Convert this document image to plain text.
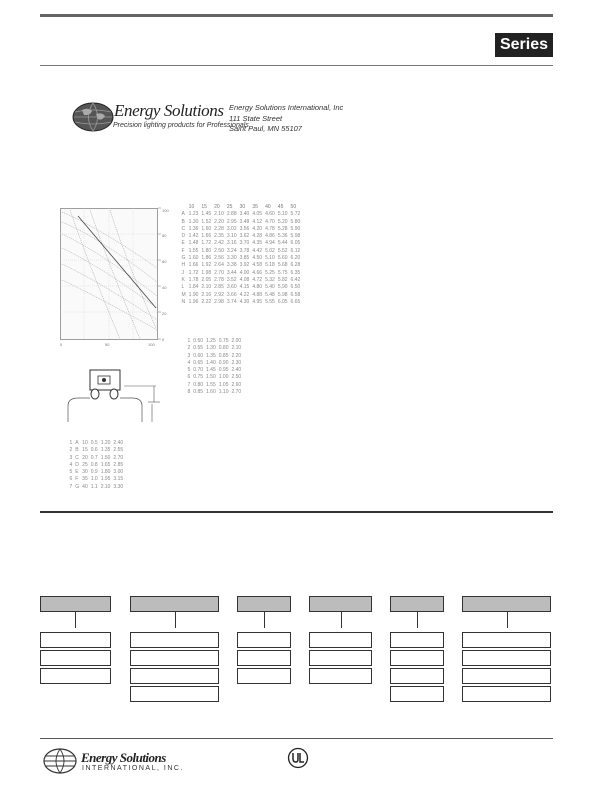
Series
Energy Solutions
Precision lighting products for Professionals
Energy Solutions International, Inc
111 State Street
Saint Paul, MN 55107
100
80
60
40
20
0
0	50	100
	10	15	20	25	30	35	40	45	50
A	1.23	1.45	2.10	2.88	3.40	4.05	4.60	5.10	5.72
B	1.30	1.52	2.20	2.95	3.48	4.12	4.70	5.20	5.80
C	1.36	1.60	2.28	3.02	3.56	4.20	4.78	5.28	5.90
D	1.42	1.66	2.35	3.10	3.62	4.28	4.86	5.36	5.98
E	1.48	1.72	2.42	3.16	3.70	4.35	4.94	5.44	6.05
F	1.55	1.80	2.50	3.24	3.78	4.42	5.02	5.52	6.12
G	1.60	1.86	2.56	3.30	3.85	4.50	5.10	5.60	6.20
H	1.66	1.92	2.64	3.38	3.92	4.58	5.18	5.68	6.28
J	1.72	1.98	2.70	3.44	4.00	4.66	5.25	5.75	6.35
K	1.78	2.05	2.78	3.52	4.08	4.72	5.32	5.82	6.42
L	1.84	2.10	2.85	3.60	4.15	4.80	5.40	5.90	6.50
M	1.90	2.16	2.92	3.66	4.22	4.88	5.48	5.98	6.58
N	1.96	2.22	2.98	3.74	4.30	4.95	5.55	6.05	6.65
1	0.50	1.25	0.75	2.00
2	0.55	1.30	0.80	2.10
3	0.60	1.35	0.85	2.20
4	0.65	1.40	0.90	2.30
5	0.70	1.45	0.95	2.40
6	0.75	1.50	1.00	2.50
7	0.80	1.55	1.05	2.60
8	0.85	1.60	1.10	2.70

1	A	10	0.5	1.20	2.40
2	B	15	0.6	1.35	2.55
3	C	20	0.7	1.50	2.70
4	D	25	0.8	1.65	2.85
5	E	30	0.9	1.80	3.00
6	F	35	1.0	1.95	3.15
7	G	40	1.1	2.10	3.30
Energy Solutions
INTERNATIONAL, INC.
